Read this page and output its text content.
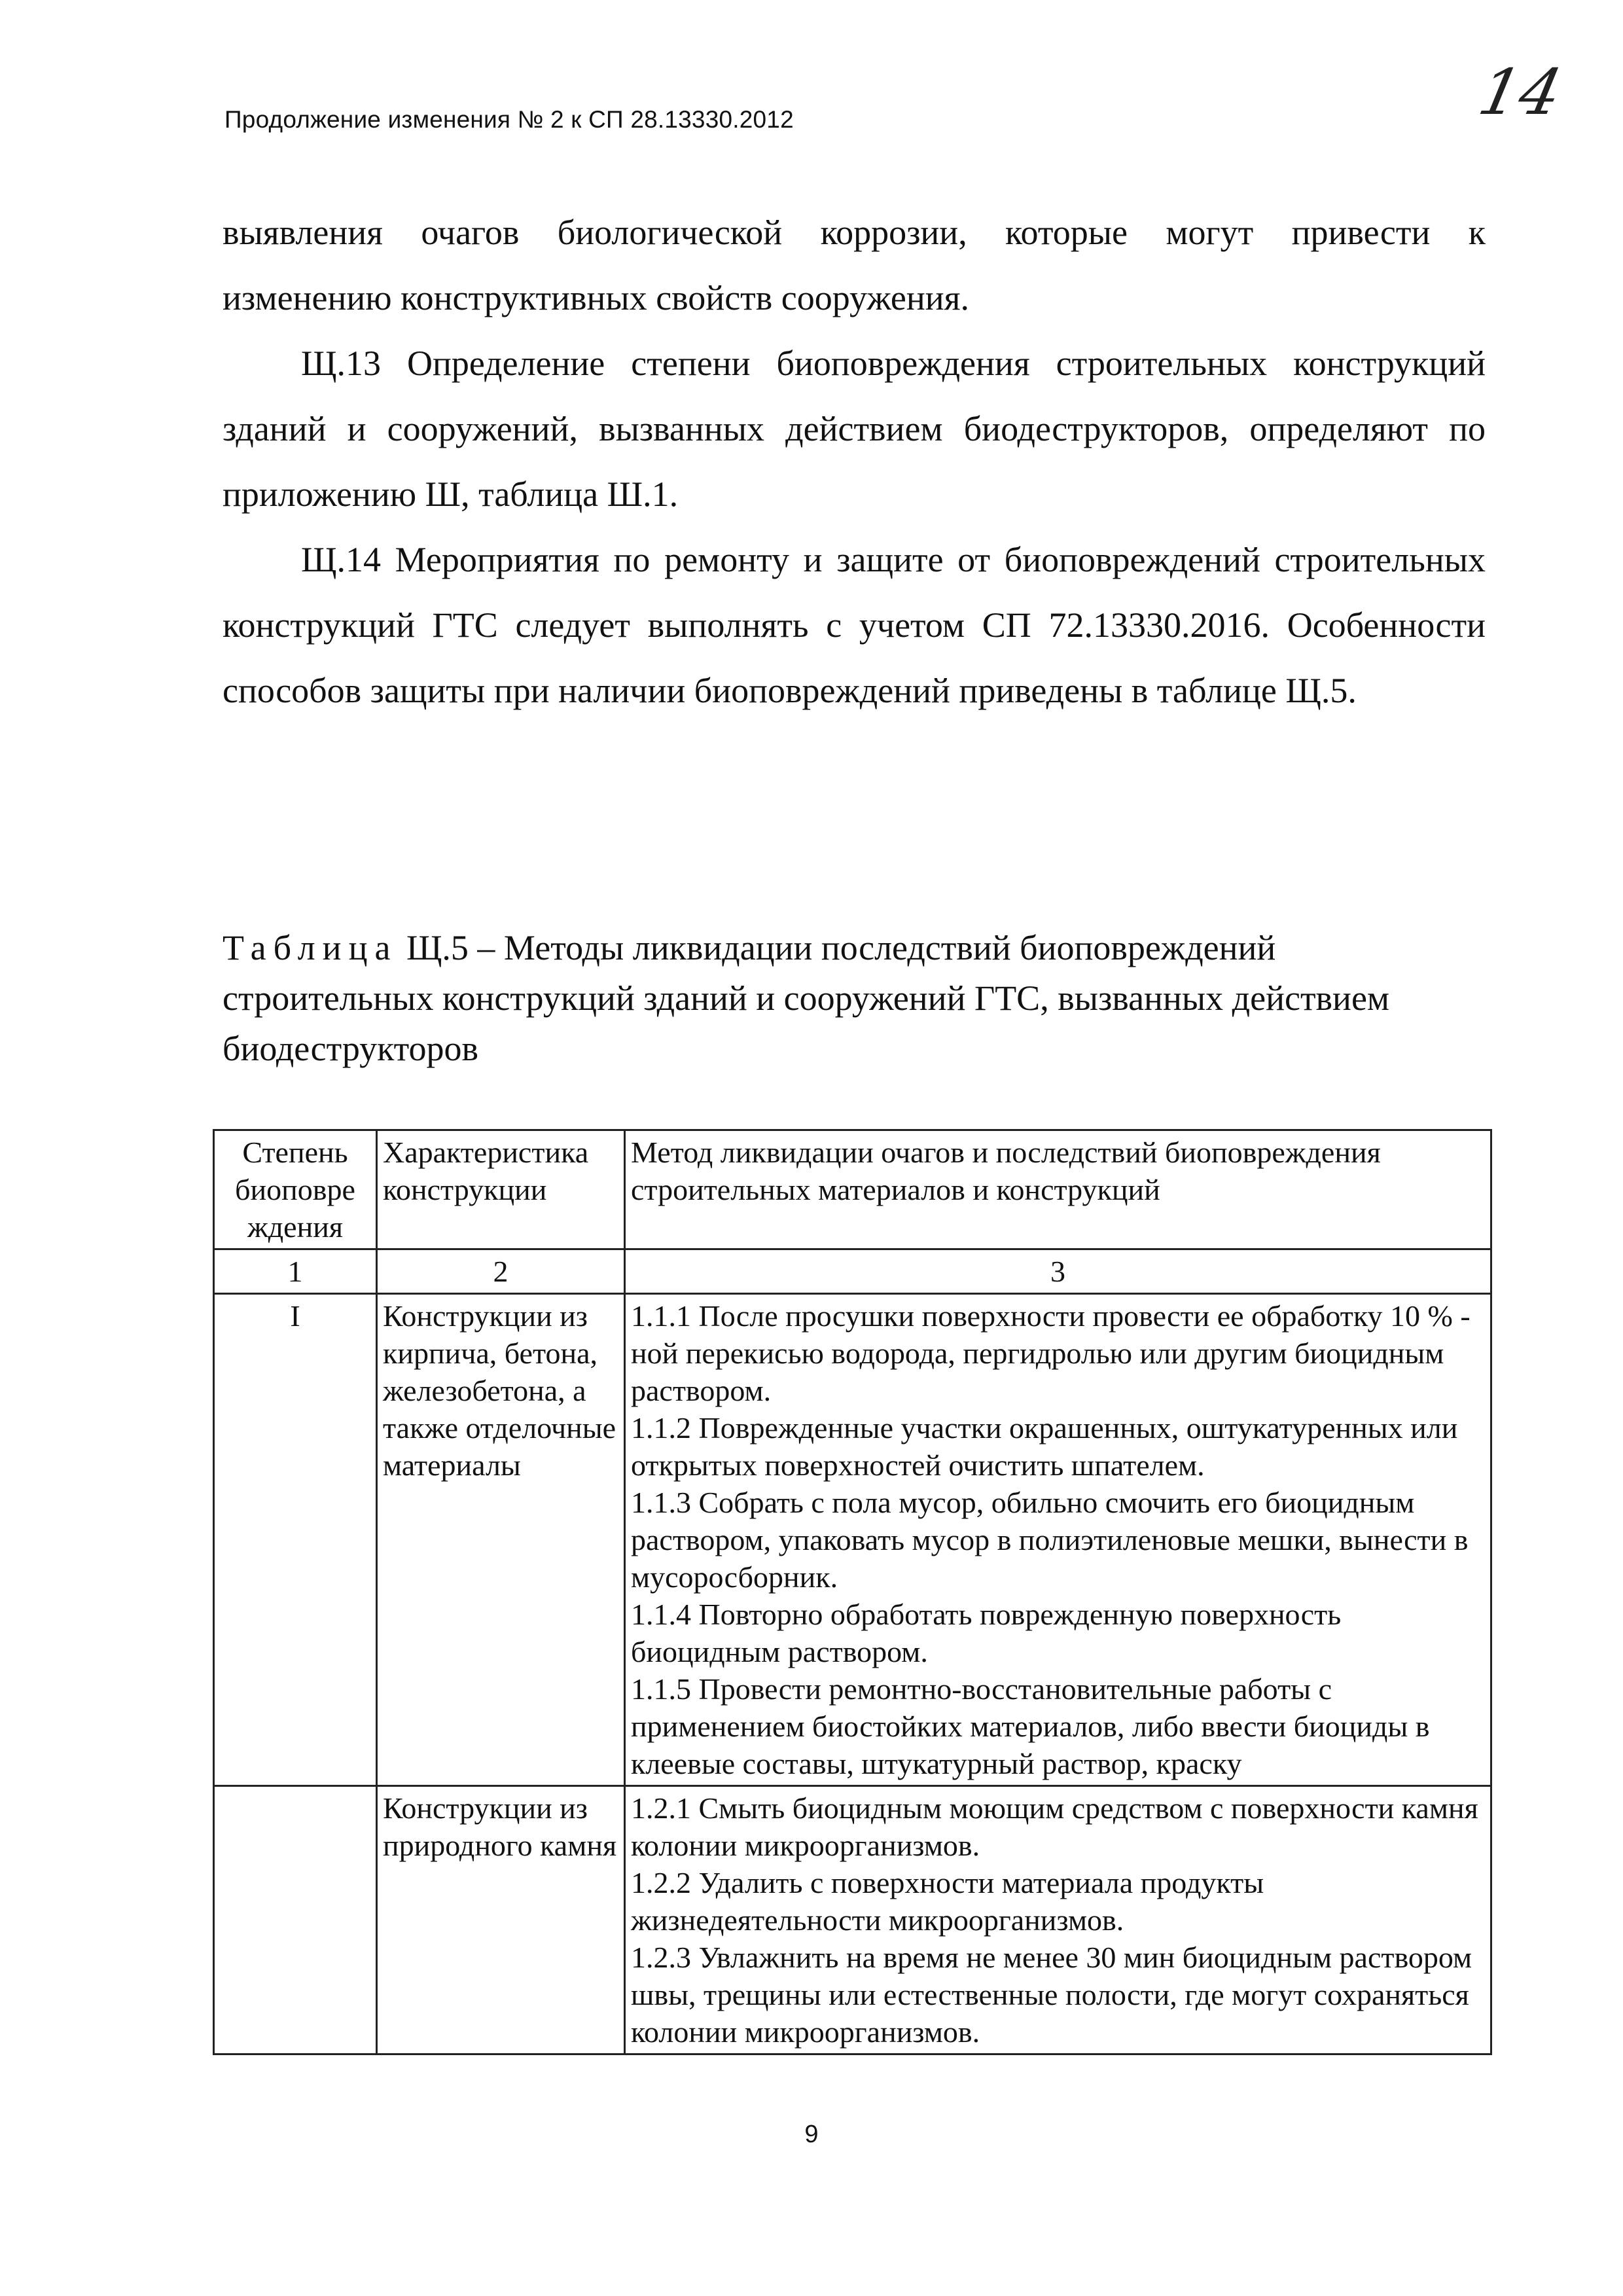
Продолжение изменения № 2 к СП 28.13330.2012	14
выявления очагов биологической коррозии, которые могут привести к
изменению конструктивных свойств сооружения.

Щ.13 Определение степени биоповреждения строительных конструкций зданий и сооружений, вызванных действием биодеструкторов, определяют по приложению Ш, таблица Ш.1.

Щ.14 Мероприятия по ремонту и защите от биоповреждений строительных конструкций ГТС следует выполнять с учетом СП 72.13330.2016. Особенности способов защиты при наличии биоповреждений приведены в таблице Щ.5.

Таблица Щ.5 – Методы ликвидации последствий биоповреждений строительных конструкций зданий и сооружений ГТС, вызванных действием биодеструкторов
Степень биоповре ждения	Характеристика конструкции	Метод ликвидации очагов и последствий биоповреждения строительных материалов и конструкций
1	2	3
I	Конструкции из кирпича, бетона, железобетона, а также отделочные материалы	1.1.1 После просушки поверхности провести ее обработку 10 % - ной перекисью водорода, пергидролью или другим биоцидным раствором.
1.1.2 Поврежденные участки окрашенных, оштукатуренных или открытых поверхностей очистить шпателем.
1.1.3 Собрать с пола мусор, обильно смочить его биоцидным раствором, упаковать мусор в полиэтиленовые мешки, вынести в мусоросборник.
1.1.4 Повторно обработать поврежденную поверхность биоцидным раствором.
1.1.5 Провести ремонтно-восстановительные работы с применением биостойких материалов, либо ввести биоциды в клеевые составы, штукатурный раствор, краску

	Конструкции из природного камня	1.2.1 Смыть биоцидным моющим средством с поверхности камня колонии микроорганизмов.
1.2.2 Удалить с поверхности материала продукты жизнедеятельности микроорганизмов.
1.2.3 Увлажнить на время не менее 30 мин биоцидным раствором швы, трещины или естественные полости, где могут сохраняться колонии микроорганизмов.
9
